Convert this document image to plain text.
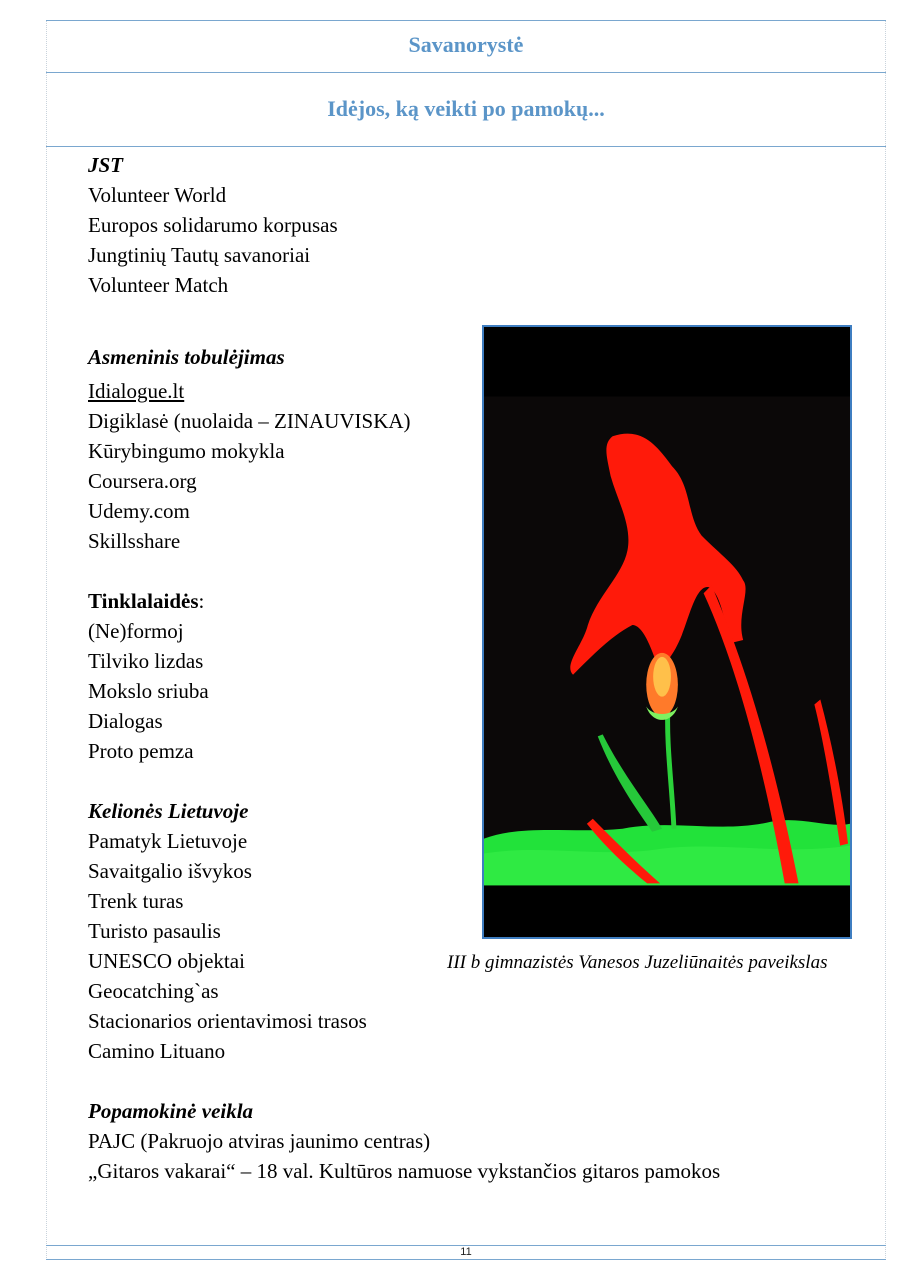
Savanorystė
Idėjos, ką veikti po pamokų...
JST
Volunteer World
Europos solidarumo korpusas
Jungtinių Tautų savanoriai
Volunteer Match
Asmeninis tobulėjimas
Idialogue.lt
Digiklasė (nuolaida – ZINAUVISKA)
Kūrybingumo mokykla
Coursera.org
Udemy.com
Skillsshare
Tinklalaidės:
(Ne)formoj
Tilviko lizdas
Mokslo sriuba
Dialogas
Proto pemza
Kelionės Lietuvoje
Pamatyk Lietuvoje
Savaitgalio išvykos
Trenk turas
Turisto pasaulis
UNESCO objektai
Geocatching`as
Stacionarios orientavimosi trasos
Camino Lituano
Popamokinė veikla
PAJC (Pakruojo atviras jaunimo centras)
„Gitaros vakarai“ – 18 val. Kultūros namuose vykstančios gitaros pamokos
III b gimnazistės Vanesos Juzeliūnaitės paveikslas
11
